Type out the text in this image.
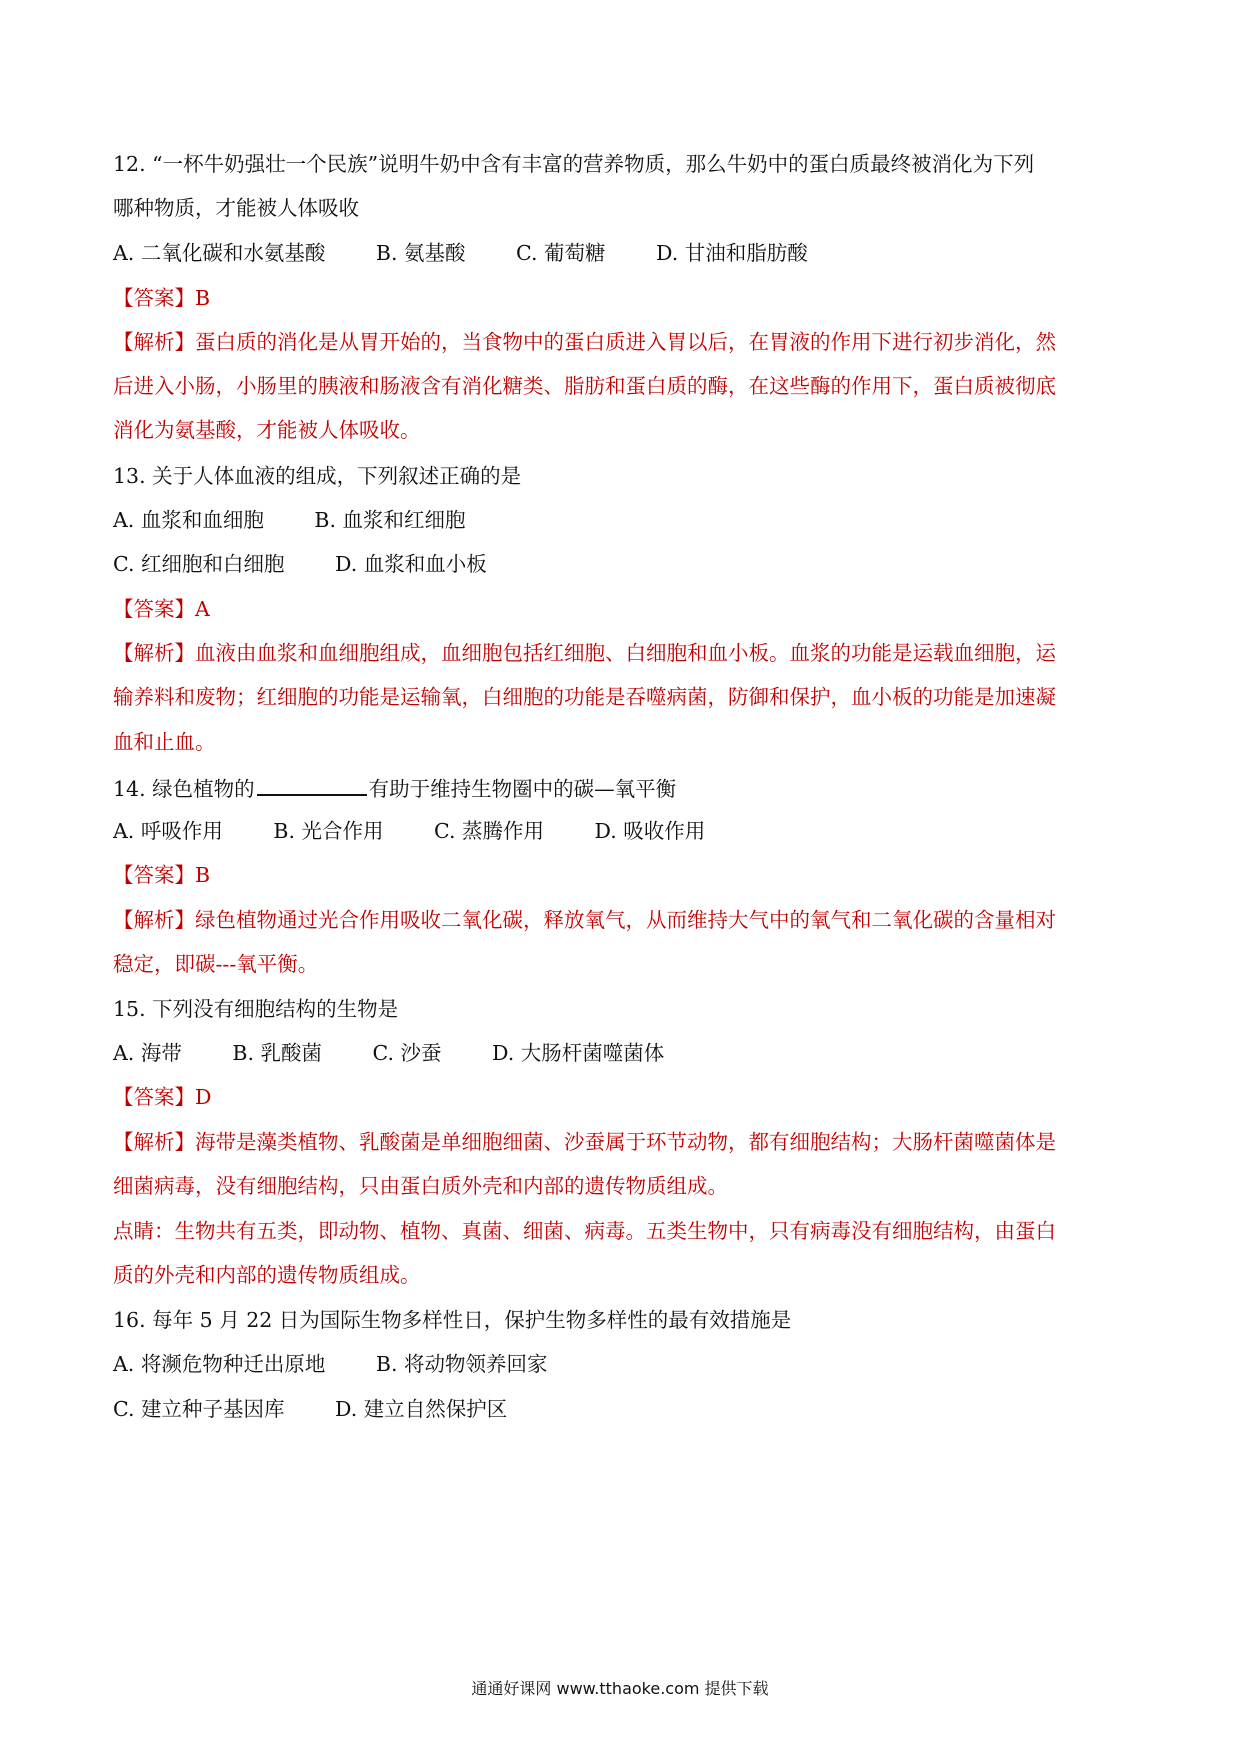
12. “一杯牛奶强壮一个民族”说明牛奶中含有丰富的营养物质，那么牛奶中的蛋白质最终被消化为下列

哪种物质，才能被人体吸收

A. 二氧化碳和水氨基酸 B. 氨基酸 C. 葡萄糖 D. 甘油和脂肪酸

【答案】B

【解析】蛋白质的消化是从胃开始的，当食物中的蛋白质进入胃以后，在胃液的作用下进行初步消化，然

后进入小肠，小肠里的胰液和肠液含有消化糖类、脂肪和蛋白质的酶，在这些酶的作用下，蛋白质被彻底

消化为氨基酸，才能被人体吸收。

13. 关于人体血液的组成，下列叙述正确的是

A. 血浆和血细胞 B. 血浆和红细胞
C. 红细胞和白细胞 D. 血浆和血小板

【答案】A

【解析】血液由血浆和血细胞组成，血细胞包括红细胞、白细胞和血小板。血浆的功能是运载血细胞，运

输养料和废物；红细胞的功能是运输氧，白细胞的功能是吞噬病菌，防御和保护，血小板的功能是加速凝

血和止血。

14. 绿色植物的	有助于维持生物圈中的碳—氧平衡
A. 呼吸作用 B. 光合作用 C. 蒸腾作用 D. 吸收作用

【答案】B

【解析】绿色植物通过光合作用吸收二氧化碳，释放氧气，从而维持大气中的氧气和二氧化碳的含量相对

稳定，即碳---氧平衡。

15. 下列没有细胞结构的生物是

A. 海带 B. 乳酸菌 C. 沙蚕 D. 大肠杆菌噬菌体

【答案】D

【解析】海带是藻类植物、乳酸菌是单细胞细菌、沙蚕属于环节动物，都有细胞结构；大肠杆菌噬菌体是

细菌病毒，没有细胞结构，只由蛋白质外壳和内部的遗传物质组成。

点睛：生物共有五类，即动物、植物、真菌、细菌、病毒。五类生物中，只有病毒没有细胞结构，由蛋白

质的外壳和内部的遗传物质组成。

16. 每年 5 月 22 日为国际生物多样性日，保护生物多样性的最有效措施是

A. 将濒危物种迁出原地 B. 将动物领养回家
C. 建立种子基因库 D. 建立自然保护区
通通好课网 www.tthaoke.com 提供下载
